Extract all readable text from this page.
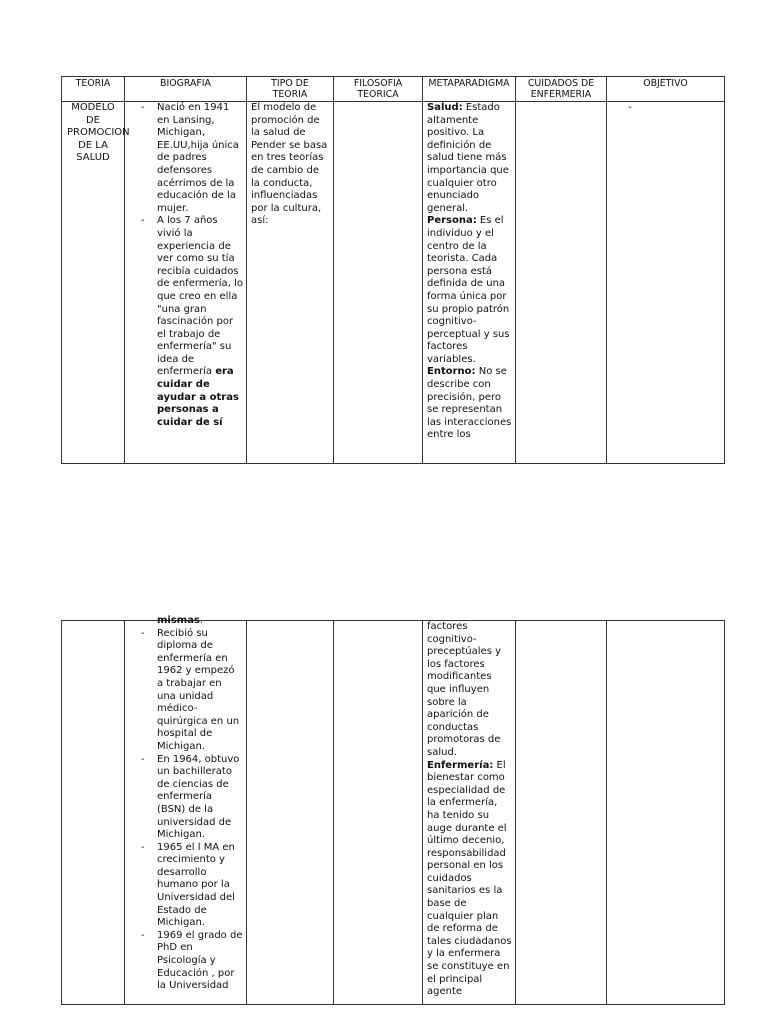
TEORIA
MODELO DE PROMOCION DE LA SALUD
BIOGRAFIA
- Nació en 1941 en Lansing, Michigan, EE.UU,hija única de padres defensores acérrimos de la educación de la mujer.
- A los 7 años vivió la experiencia de ver como su tía recibía cuidados de enfermería, lo que creo en ella "una gran fascinación por el trabajo de enfermería" su idea de enfermería era cuidar de ayudar a otras personas a cuidar de sí
TIPO DE TEORIA
El modelo de promoción de la salud de Pender se basa en tres teorías de cambio de la conducta, influenciadas por la cultura, así:
FILOSOFIA TEORICA
METAPARADIGMA
Salud: Estado altamente positivo. La definición de salud tiene más importancia que cualquier otro enunciado general.
Persona: Es el individuo y el centro de la teorista. Cada persona está definida de una forma única por su propio patrón cognitivo-perceptual y sus factores variables.
Entorno: No se describe con precisión, pero se representan las interacciones entre los
CUIDADOS DE ENFERMERIA
OBJETIVO
-
mismas.
- Recibió su diploma de enfermería en 1962 y empezó a trabajar en una unidad médico-quirúrgica en un hospital de Michigan.
- En 1964, obtuvo un bachillerato de ciencias de enfermería (BSN) de la universidad de Michigan.
- 1965 el l MA en crecimiento y desarrollo humano por la Universidad del Estado de Michigan.
- 1969 el grado de PhD en Psicología y Educación , por la Universidad
factores cognitivo-preceptúales y los factores modificantes que influyen sobre la aparición de conductas promotoras de salud.
Enfermería: El bienestar como especialidad de la enfermería, ha tenido su auge durante el último decenio, responsabilidad personal en los cuidados sanitarios es la base de cualquier plan de reforma de tales ciudadanos y la enfermera se constituye en el principal agente
